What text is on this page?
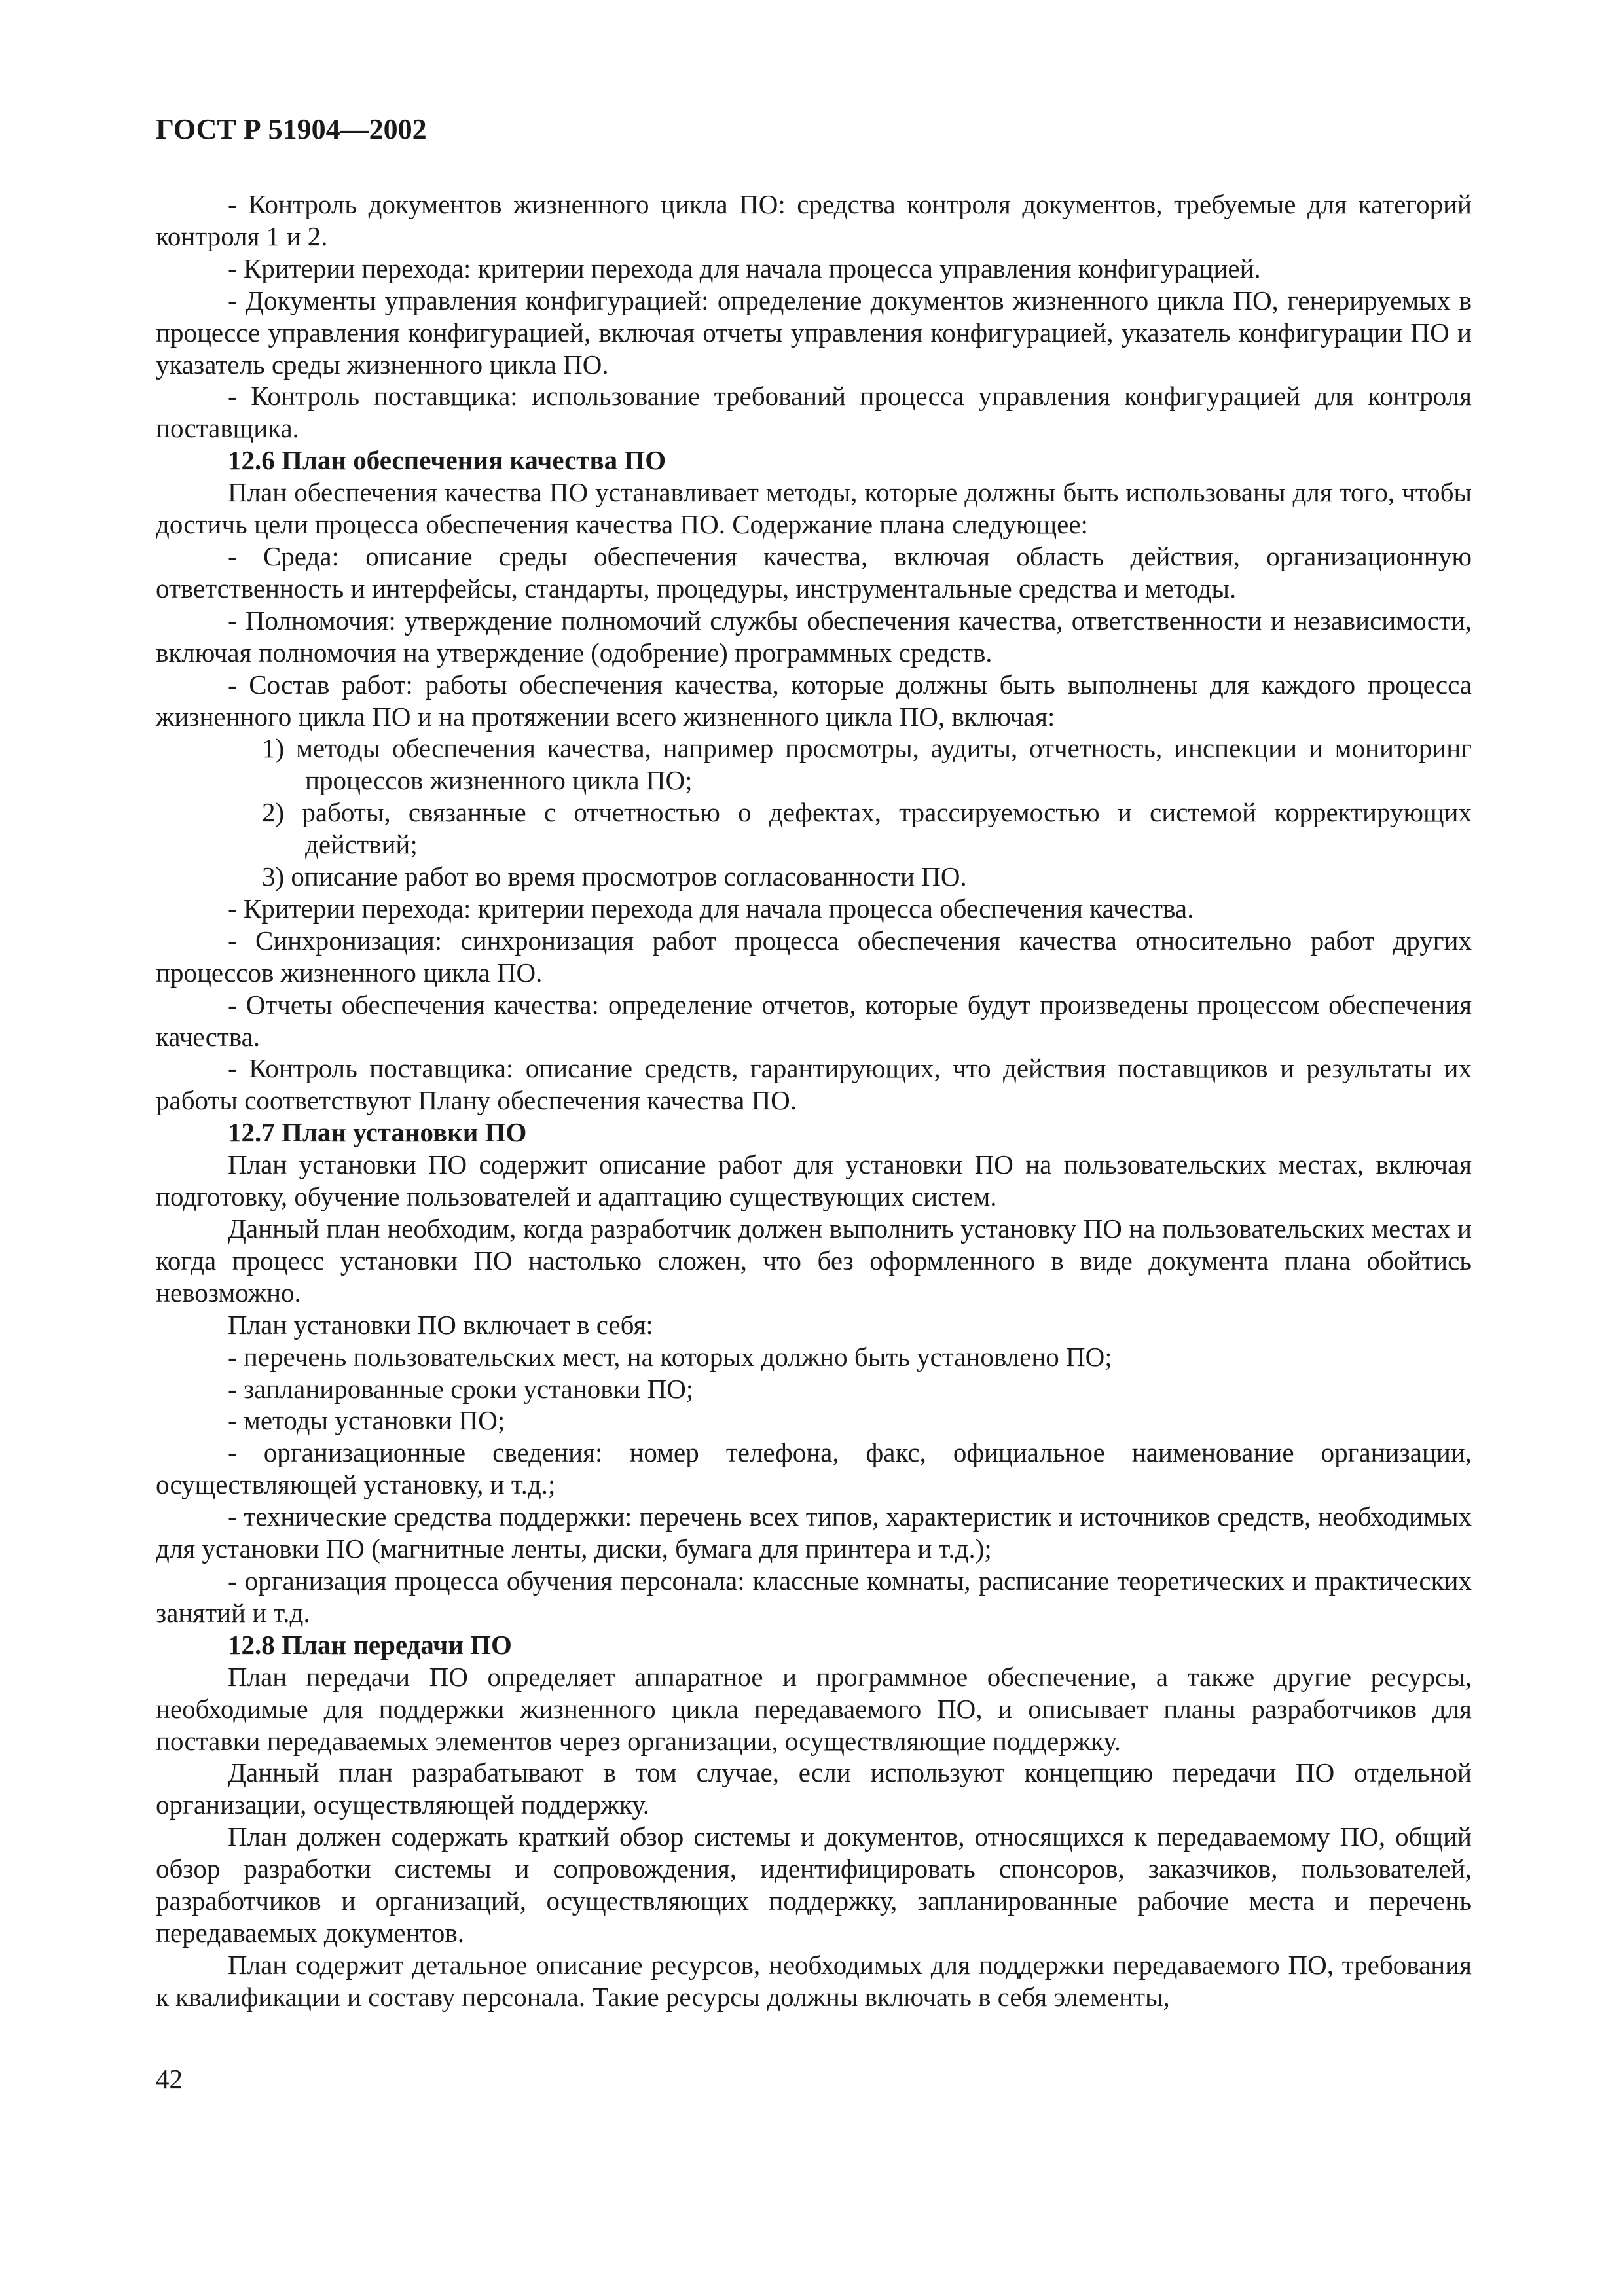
ГОСТ Р 51904—2002

- Контроль документов жизненного цикла ПО: средства контроля документов, требуемые для категорий контроля 1 и 2.

- Критерии перехода: критерии перехода для начала процесса управления конфигурацией.

- Документы управления конфигурацией: определение документов жизненного цикла ПО, генерируемых в процессе управления конфигурацией, включая отчеты управления конфигурацией, указатель конфигурации ПО и указатель среды жизненного цикла ПО.

- Контроль поставщика: использование требований процесса управления конфигурацией для контроля поставщика.

12.6 План обеспечения качества ПО

План обеспечения качества ПО устанавливает методы, которые должны быть использованы для того, чтобы достичь цели процесса обеспечения качества ПО. Содержание плана следующее:

- Среда: описание среды обеспечения качества, включая область действия, организационную ответственность и интерфейсы, стандарты, процедуры, инструментальные средства и методы.

- Полномочия: утверждение полномочий службы обеспечения качества, ответственности и независимости, включая полномочия на утверждение (одобрение) программных средств.

- Состав работ: работы обеспечения качества, которые должны быть выполнены для каждого процесса жизненного цикла ПО и на протяжении всего жизненного цикла ПО, включая:

1) методы обеспечения качества, например просмотры, аудиты, отчетность, инспекции и мониторинг процессов жизненного цикла ПО;
2) работы, связанные с отчетностью о дефектах, трассируемостью и системой корректирующих действий;
3) описание работ во время просмотров согласованности ПО.

- Критерии перехода: критерии перехода для начала процесса обеспечения качества.

- Синхронизация: синхронизация работ процесса обеспечения качества относительно работ других процессов жизненного цикла ПО.

- Отчеты обеспечения качества: определение отчетов, которые будут произведены процессом обеспечения качества.

- Контроль поставщика: описание средств, гарантирующих, что действия поставщиков и результаты их работы соответствуют Плану обеспечения качества ПО.

12.7 План установки ПО

План установки ПО содержит описание работ для установки ПО на пользовательских местах, включая подготовку, обучение пользователей и адаптацию существующих систем.

Данный план необходим, когда разработчик должен выполнить установку ПО на пользовательских местах и когда процесс установки ПО настолько сложен, что без оформленного в виде документа плана обойтись невозможно.

План установки ПО включает в себя:

- перечень пользовательских мест, на которых должно быть установлено ПО;

- запланированные сроки установки ПО;

- методы установки ПО;

- организационные сведения: номер телефона, факс, официальное наименование организации, осуществляющей установку, и т.д.;

- технические средства поддержки: перечень всех типов, характеристик и источников средств, необходимых для установки ПО (магнитные ленты, диски, бумага для принтера и т.д.);

- организация процесса обучения персонала: классные комнаты, расписание теоретических и практических занятий и т.д.

12.8 План передачи ПО

План передачи ПО определяет аппаратное и программное обеспечение, а также другие ресурсы, необходимые для поддержки жизненного цикла передаваемого ПО, и описывает планы разработчиков для поставки передаваемых элементов через организации, осуществляющие поддержку.

Данный план разрабатывают в том случае, если используют концепцию передачи ПО отдельной организации, осуществляющей поддержку.

План должен содержать краткий обзор системы и документов, относящихся к передаваемому ПО, общий обзор разработки системы и сопровождения, идентифицировать спонсоров, заказчиков, пользователей, разработчиков и организаций, осуществляющих поддержку, запланированные рабочие места и перечень передаваемых документов.

План содержит детальное описание ресурсов, необходимых для поддержки передаваемого ПО, требования к квалификации и составу персонала. Такие ресурсы должны включать в себя элементы,

42
